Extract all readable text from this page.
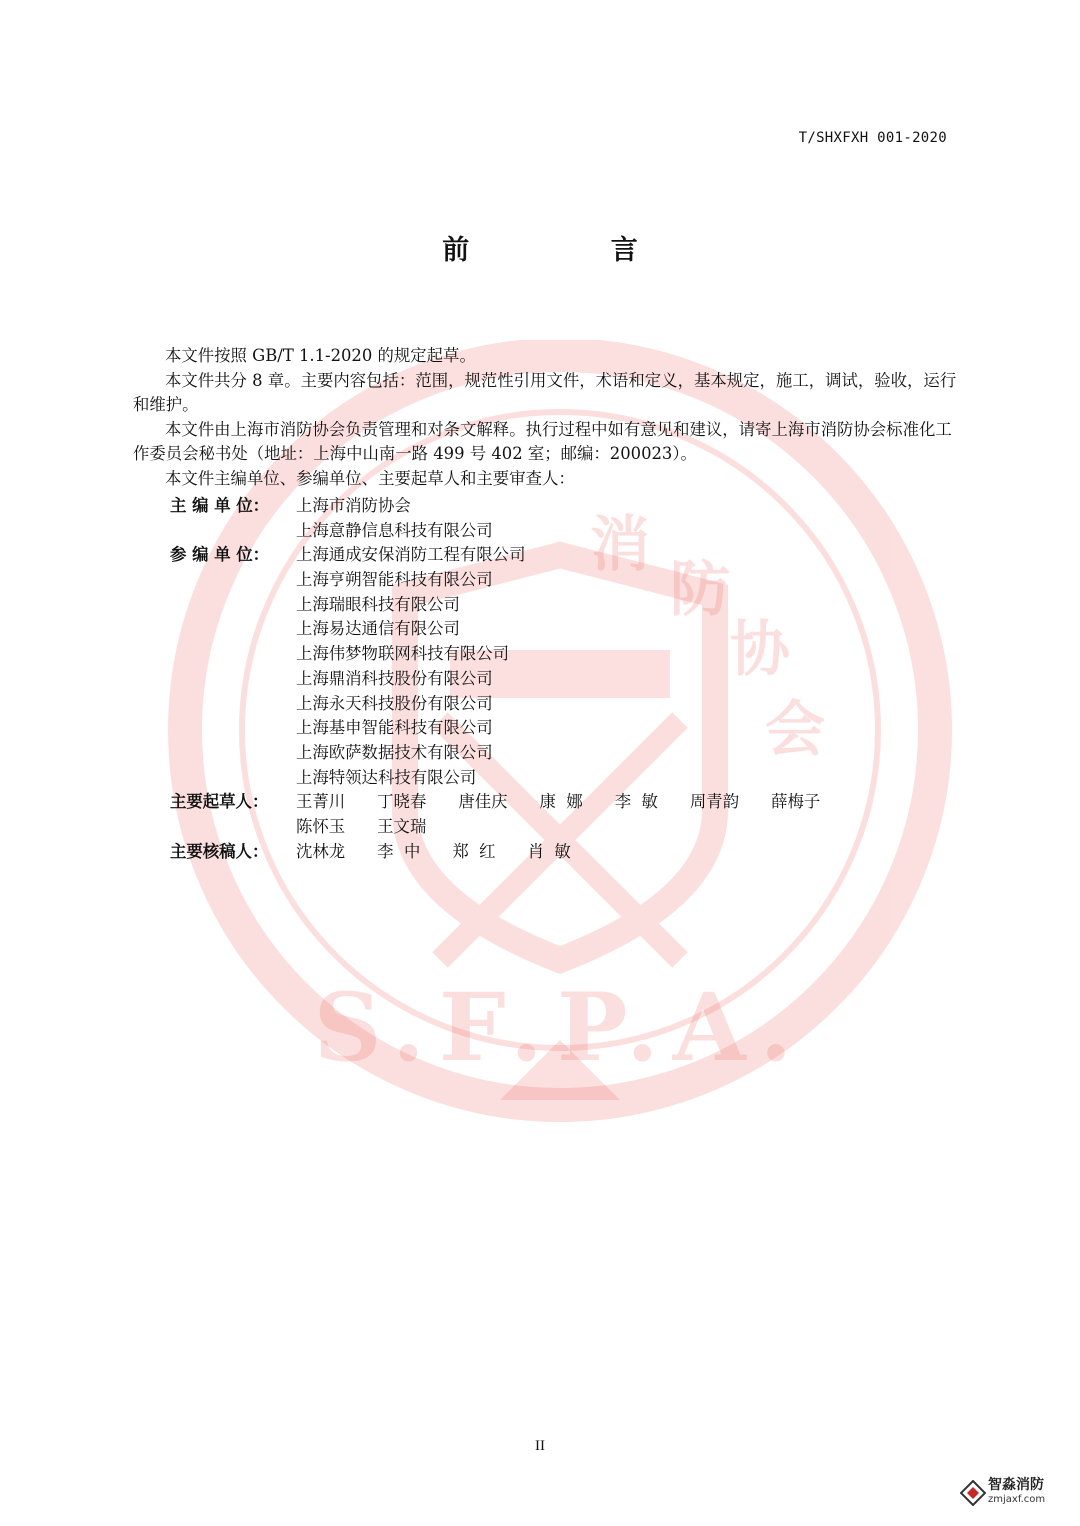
S.F.P.A.
消
防
协
会
T/SHXFXH 001-2020
前 言

本文件按照 GB/T 1.1-2020 的规定起草。

本文件共分 8 章。主要内容包括：范围，规范性引用文件，术语和定义，基本规定，施工，调试，验收，运行和维护。

本文件由上海市消防协会负责管理和对条文解释。执行过程中如有意见和建议，请寄上海市消防协会标准化工作委员会秘书处（地址：上海中山南一路 499 号 402 室；邮编：200023）。

本文件主编单位、参编单位、主要起草人和主要审查人：

主 编 单 位：	上海市消防协会
上海意静信息科技有限公司
参 编 单 位：	上海通成安保消防工程有限公司
上海亨朔智能科技有限公司
上海瑞眼科技有限公司
上海易达通信有限公司
上海伟梦物联网科技有限公司
上海鼎消科技股份有限公司
上海永天科技股份有限公司
上海基申智能科技有限公司
上海欧萨数据技术有限公司
上海特领达科技有限公司
主要起草人：	王菁川 丁晓春 唐佳庆 康  娜 李  敏 周青韵 薛梅子
陈怀玉 王文瑞
主要核稿人：	沈林龙 李  中 郑  红 肖  敏
II
智淼消防
zmjaxf.com
